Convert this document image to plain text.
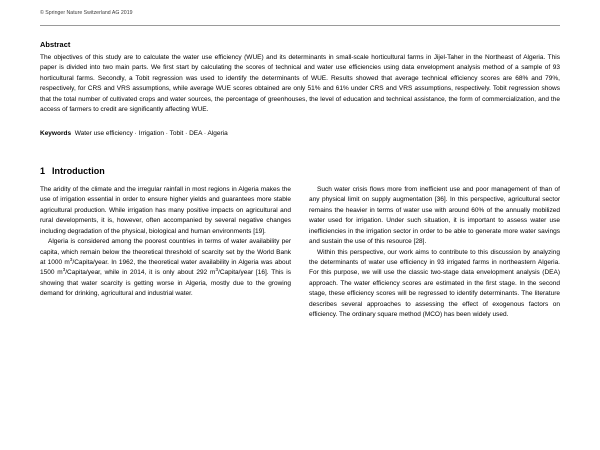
© Springer Nature Switzerland AG 2019
Abstract
The objectives of this study are to calculate the water use efficiency (WUE) and its determinants in small-scale horticultural farms in Jijel-Taher in the Northeast of Algeria. This paper is divided into two main parts. We first start by calculating the scores of technical and water use efficiencies using data envelopment analysis method of a sample of 93 horticultural farms. Secondly, a Tobit regression was used to identify the determinants of WUE. Results showed that average technical efficiency scores are 68% and 79%, respectively, for CRS and VRS assumptions, while average WUE scores obtained are only 51% and 61% under CRS and VRS assumptions, respectively. Tobit regression shows that the total number of cultivated crops and water sources, the percentage of greenhouses, the level of education and technical assistance, the form of commercialization, and the access of farmers to credit are significantly affecting WUE.
Keywords Water use efficiency · Irrigation · Tobit · DEA · Algeria
1 Introduction

The aridity of the climate and the irregular rainfall in most regions in Algeria makes the use of irrigation essential in order to ensure higher yields and guarantees more stable agricultural production. While irrigation has many positive impacts on agricultural and rural developments, it is, however, often accompanied by several negative changes including degradation of the physical, biological and human environments [19].

Algeria is considered among the poorest countries in terms of water availability per capita, which remain below the theoretical threshold of scarcity set by the World Bank at 1000 $m^3/Capita$/year. In 1962, the theoretical water availability in Algeria was about 1500 $m^3/Capita$/year, while in 2014, it is only about 292 $m^3/Capita$/year [16]. This is showing that water scarcity is getting worse in Algeria, mostly due to the growing demand for drinking, agricultural and industrial water.

Such water crisis flows more from inefficient use and poor management of than of any physical limit on supply augmentation [36]. In this perspective, agricultural sector remains the heavier in terms of water use with around 60% of the annually mobilized water used for irrigation. Under such situation, it is important to assess water use inefficiencies in the irrigation sector in order to be able to generate more water savings and sustain the use of this resource [28].

Within this perspective, our work aims to contribute to this discussion by analyzing the determinants of water use efficiency in 93 irrigated farms in northeastern Algeria. For this purpose, we will use the classic two-stage data envelopment analysis (DEA) approach. The water efficiency scores are estimated in the first stage. In the second stage, these efficiency scores will be regressed to identify determinants. The literature describes several approaches to assessing the effect of exogenous factors on efficiency. The ordinary square method (MCO) has been widely used.
